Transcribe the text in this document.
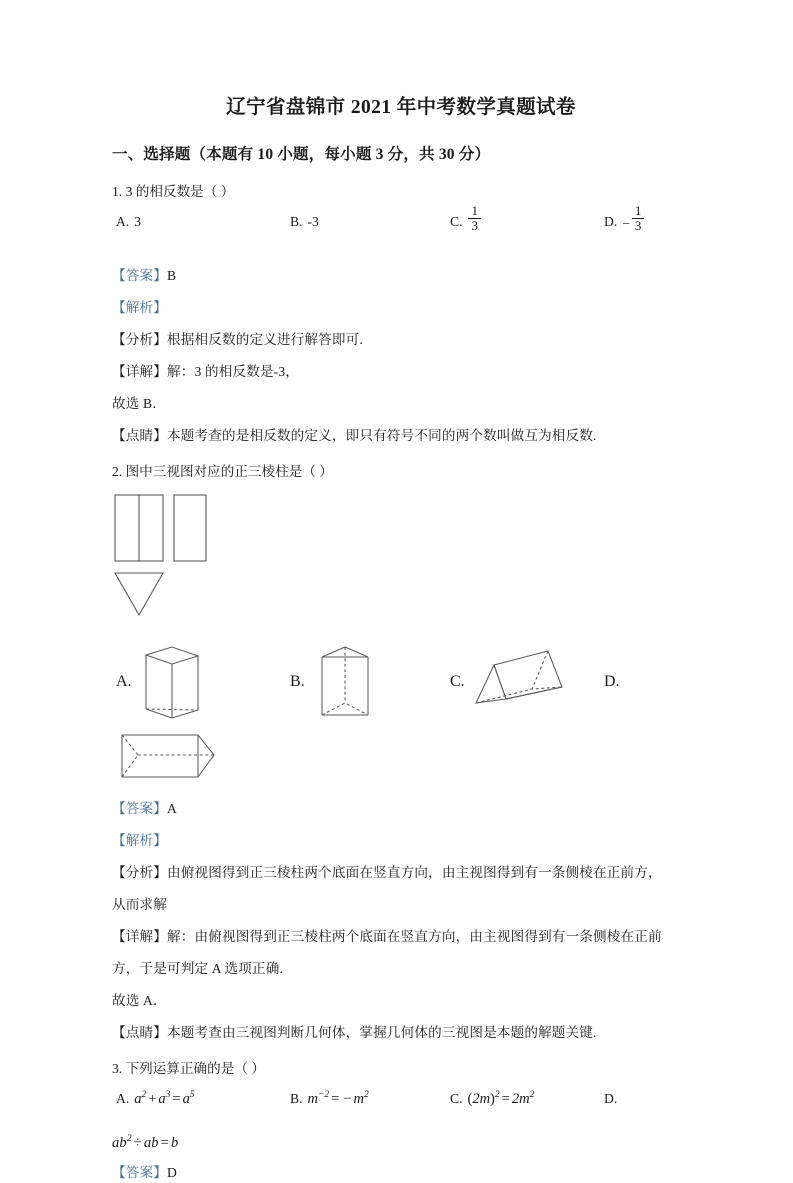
辽宁省盘锦市 2021 年中考数学真题试卷
一、选择题（本题有 10 小题，每小题 3 分，共 30 分）
1. 3 的相反数是（ ）
A. 3	B. -3	C. $\frac{1}{3}$	D. − $\frac{1}{3}$
【答案】B
【解析】
【分析】根据相反数的定义进行解答即可.
【详解】解：3 的相反数是-3，
故选 B．
【点睛】本题考查的是相反数的定义，即只有符号不同的两个数叫做互为相反数.
2. 图中三视图对应的正三棱柱是（ ）
A.	B.	C.	D.
【答案】A
【解析】
【分析】由俯视图得到正三棱柱两个底面在竖直方向，由主视图得到有一条侧棱在正前方，
从而求解
【详解】解：由俯视图得到正三棱柱两个底面在竖直方向，由主视图得到有一条侧棱在正前
方，于是可判定 A 选项正确.
故选 A．
【点睛】本题考查由三视图判断几何体，掌握几何体的三视图是本题的解题关键.
3. 下列运算正确的是（ ）
A. $a^2 + a^3 = a^5$	B. $m^{-2}$ = − $m^2$	C. $(2m)^2 = 2m^2$	D.
$ab^2$ ÷ ab = b
【答案】D
